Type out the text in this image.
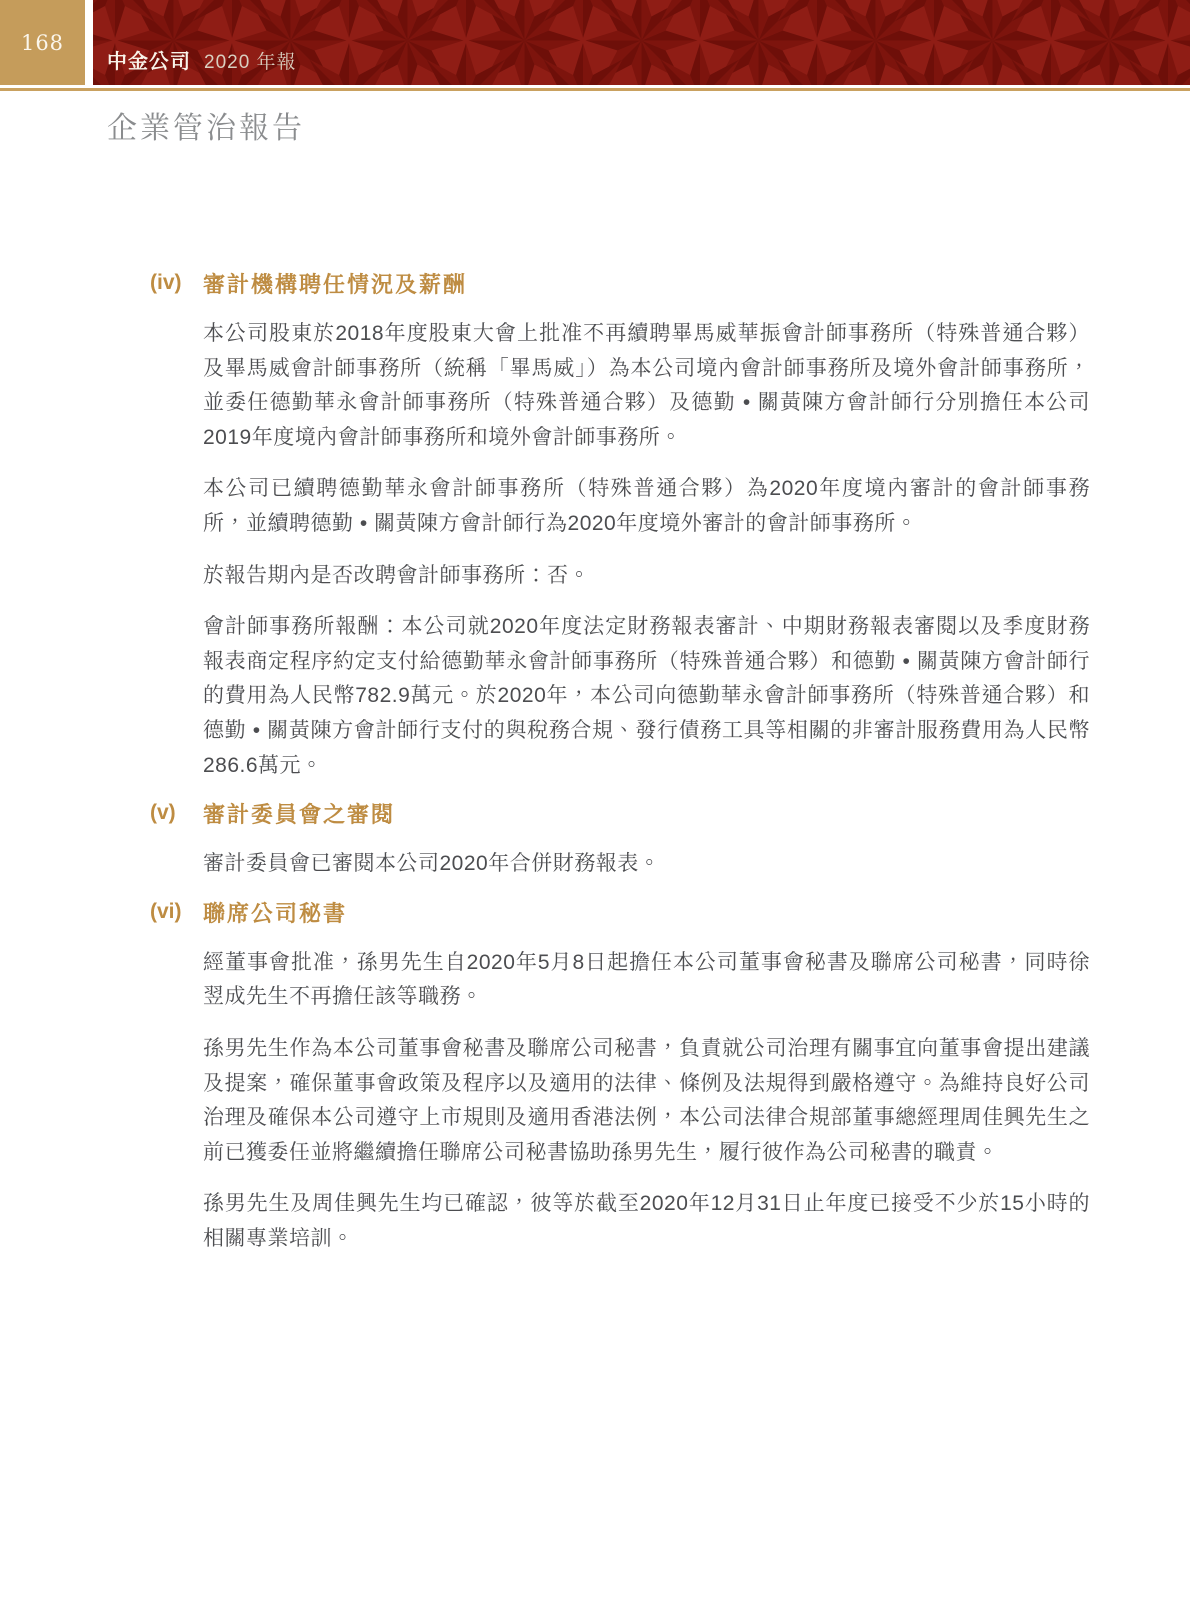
168
中金公司 2020 年報
企業管治報告
(iv) 審計機構聘任情況及薪酬

本公司股東於2018年度股東大會上批准不再續聘畢馬威華振會計師事務所（特殊普通合夥）及畢馬威會計師事務所（統稱「畢馬威」）為本公司境內會計師事務所及境外會計師事務所，並委任德勤華永會計師事務所（特殊普通合夥）及德勤 • 關黃陳方會計師行分別擔任本公司2019年度境內會計師事務所和境外會計師事務所。

本公司已續聘德勤華永會計師事務所（特殊普通合夥）為2020年度境內審計的會計師事務所，並續聘德勤 • 關黃陳方會計師行為2020年度境外審計的會計師事務所。

於報告期內是否改聘會計師事務所：否。

會計師事務所報酬：本公司就2020年度法定財務報表審計、中期財務報表審閱以及季度財務報表商定程序約定支付給德勤華永會計師事務所（特殊普通合夥）和德勤 • 關黃陳方會計師行的費用為人民幣782.9萬元。於2020年，本公司向德勤華永會計師事務所（特殊普通合夥）和德勤 • 關黃陳方會計師行支付的與稅務合規、發行債務工具等相關的非審計服務費用為人民幣286.6萬元。

(v) 審計委員會之審閱

審計委員會已審閱本公司2020年合併財務報表。

(vi) 聯席公司秘書

經董事會批准，孫男先生自2020年5月8日起擔任本公司董事會秘書及聯席公司秘書，同時徐翌成先生不再擔任該等職務。

孫男先生作為本公司董事會秘書及聯席公司秘書，負責就公司治理有關事宜向董事會提出建議及提案，確保董事會政策及程序以及適用的法律、條例及法規得到嚴格遵守。為維持良好公司治理及確保本公司遵守上市規則及適用香港法例，本公司法律合規部董事總經理周佳興先生之前已獲委任並將繼續擔任聯席公司秘書協助孫男先生，履行彼作為公司秘書的職責。

孫男先生及周佳興先生均已確認，彼等於截至2020年12月31日止年度已接受不少於15小時的相關專業培訓。
